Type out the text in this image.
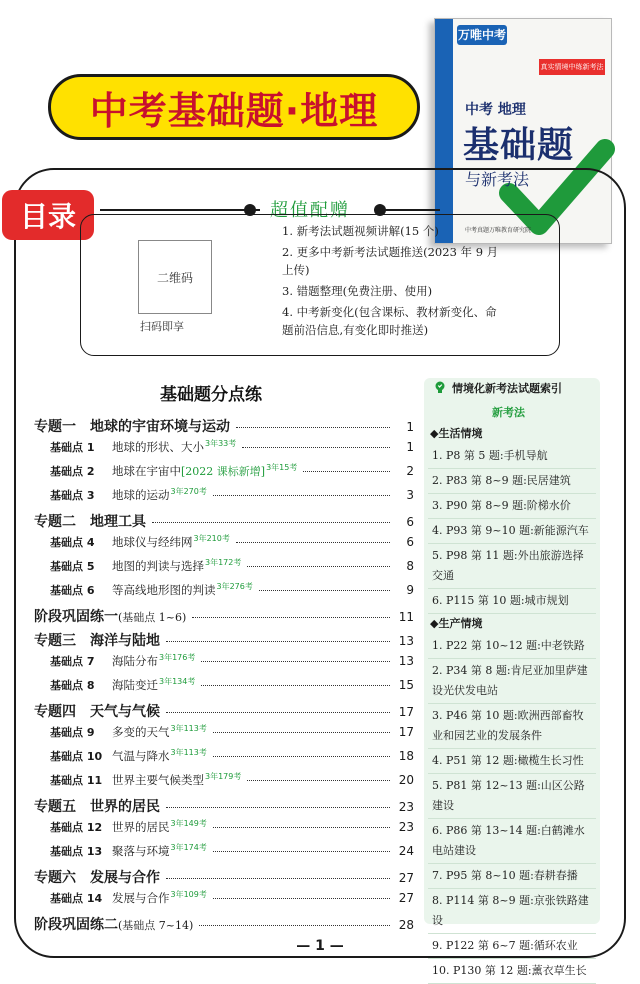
中考基础题·地理
万唯中考
真实情境中练新考法
中考 地理
基础题
与新考法
中考真题万唯教育研究院
目录	超值配赠
二维码
扫码即享
1. 新考法试题视频讲解(15 个)
2. 更多中考新考法试题推送(2023 年 9 月上传)
3. 错题整理(免费注册、使用)
4. 中考新变化(包含课标、教材新变化、命题前沿信息,有变化即时推送)
基础题分点练
专题一　地球的宇宙环境与运动	1
基础点 1	地球的形状、大小 3年33考	1
基础点 2	地球在宇宙中 [2022 课标新增] 3年15考	2
基础点 3	地球的运动 3年270考	3
专题二　地理工具	6
基础点 4	地球仪与经纬网 3年210考	6
基础点 5	地图的判读与选择 3年172考	8
基础点 6	等高线地形图的判读 3年276考	9
阶段巩固练一 (基础点 1~6)	11
专题三　海洋与陆地	13
基础点 7	海陆分布 3年176考	13
基础点 8	海陆变迁 3年134考	15
专题四　天气与气候	17
基础点 9	多变的天气 3年113考	17
基础点 10 气温与降水 3年113考	18
基础点 11 世界主要气候类型 3年179考	20
专题五　世界的居民	23
基础点 12 世界的居民 3年149考	23
基础点 13 聚落与环境 3年174考	24
专题六　发展与合作	27
基础点 14 发展与合作 3年109考	27
阶段巩固练二 (基础点 7~14)	28
情境化新考法试题索引
新考法
◆生活情境
1. P8 第 5 题:手机导航
2. P83 第 8~9 题:民居建筑
3. P90 第 8~9 题:阶梯水价
4. P93 第 9~10 题:新能源汽车
5. P98 第 11 题:外出旅游选择交通
6. P115 第 10 题:城市规划
◆生产情境
1. P22 第 10~12 题:中老铁路
2. P34 第 8 题:肯尼亚加里萨建设光伏发电站
3. P46 第 10 题:欧洲西部畜牧业和园艺业的发展条件
4. P51 第 12 题:橄榄生长习性
5. P81 第 12~13 题:山区公路建设
6. P86 第 13~14 题:白鹤滩水电站建设
7. P95 第 8~10 题:春耕春播
8. P114 第 8~9 题:京张铁路建设
9. P122 第 6~7 题:循环农业
10. P130 第 12 题:薰衣草生长
— 1 —
